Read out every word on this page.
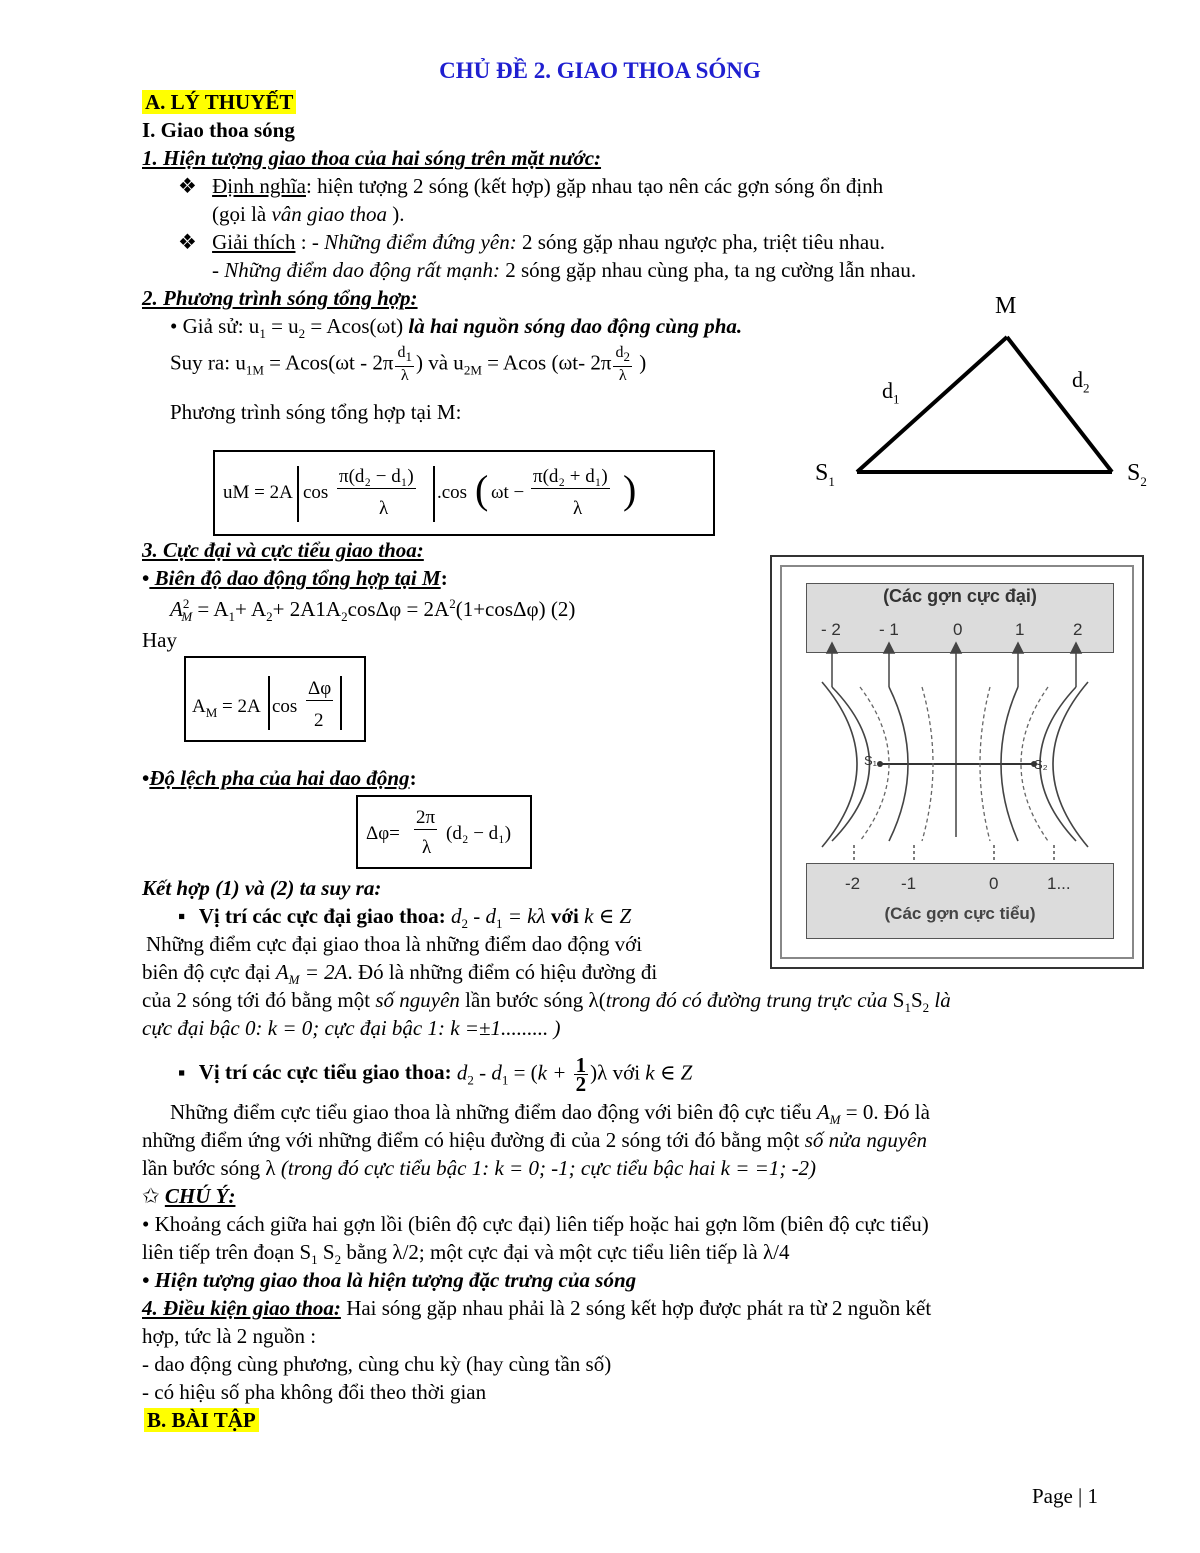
CHỦ ĐỀ 2. GIAO THOA SÓNG
A. LÝ THUYẾT
I. Giao thoa sóng
1. Hiện tượng giao thoa của hai sóng trên mặt nước:
❖ Định nghĩa: hiện tượng 2 sóng (kết hợp) gặp nhau tạo nên các gợn sóng ổn định
(gọi là vân giao thoa ).
❖ Giải thích : - Những điểm đứng yên: 2 sóng gặp nhau ngược pha, triệt tiêu nhau.
- Những điểm dao động rất mạnh: 2 sóng gặp nhau cùng pha, ta ng cường lẫn nhau.
2. Phương trình sóng tổng hợp:
• Giả sử: $u_1 = u_2 = Acos(\omega t)$ là hai nguồn sóng dao động cùng pha.
Suy ra: $u_{1M} = Acos(\omega t - 2\pi \frac{d_1}{\lambda}$ ) và $u_{2M} = Acos$ (ωt- $2\pi \frac{d_2}{\lambda}$ )
Phương trình sóng tổng hợp tại M:
uM = 2A cos
π(d₂ − d₁)
λ
.cos ( ωt −
π(d₂ + d₁)
λ )
M
$d_1$
$d_2$
$S_1$	$S_2$
3. Cực đại và cực tiểu giao thoa:
• Biên độ dao động tổng hợp tại M:
$A^2_M = A_1+ A_2+ 2A1A_2\cos\Delta\varphi = 2A^2(1+\cos\Delta\varphi)$ (2)
Hay
$A_M = 2A$ cos
Δφ
2
•Độ lệch pha của hai dao động:
Δφ=
2π
λ
(d₂ − d₁)
(Các gợn cực đại)
- 2 - 1	0	1	2
S₁	S₂
-2 -1	0	1...
(Các gợn cực tiểu)
Kết hợp (1) và (2) ta suy ra:
▪ Vị trí các cực đại giao thoa: $d_2 - d_1 = k\lambda$ với k ∈ Z
Những điểm cực đại giao thoa là những điểm dao động với
biên độ cực đại $A_M = 2A$. Đó là những điểm có hiệu đường đi
của 2 sóng tới đó bằng một số nguyên lần bước sóng λ(trong đó có đường trung trực của $S_1S_2$ là
cực đại bậc 0: k = 0; cực đại bậc 1: k =±1......... )
▪ Vị trí các cực tiểu giao thoa: $d_2 - d_1 = (k + \frac{1}{2} )\lambda$ với k ∈ Z
Những điểm cực tiểu giao thoa là những điểm dao động với biên độ cực tiểu $A_M = 0$. Đó là
những điểm ứng với những điểm có hiệu đường đi của 2 sóng tới đó bằng một số nửa nguyên
lần bước sóng λ (trong đó cực tiểu bậc 1: k = 0; -1; cực tiểu bậc hai k = =1; -2)
✩ CHÚ Ý:
• Khoảng cách giữa hai gợn lồi (biên độ cực đại) liên tiếp hoặc hai gợn lõm (biên độ cực tiểu)
liên tiếp trên đoạn $S_1$ $S_2$ bằng λ/2; một cực đại và một cực tiểu liên tiếp là λ/4
• Hiện tượng giao thoa là hiện tượng đặc trưng của sóng
4. Điều kiện giao thoa: Hai sóng gặp nhau phải là 2 sóng kết hợp được phát ra từ 2 nguồn kết
hợp, tức là 2 nguồn :
- dao động cùng phương, cùng chu kỳ (hay cùng tần số)
- có hiệu số pha không đổi theo thời gian
B. BÀI TẬP
Page | 1
